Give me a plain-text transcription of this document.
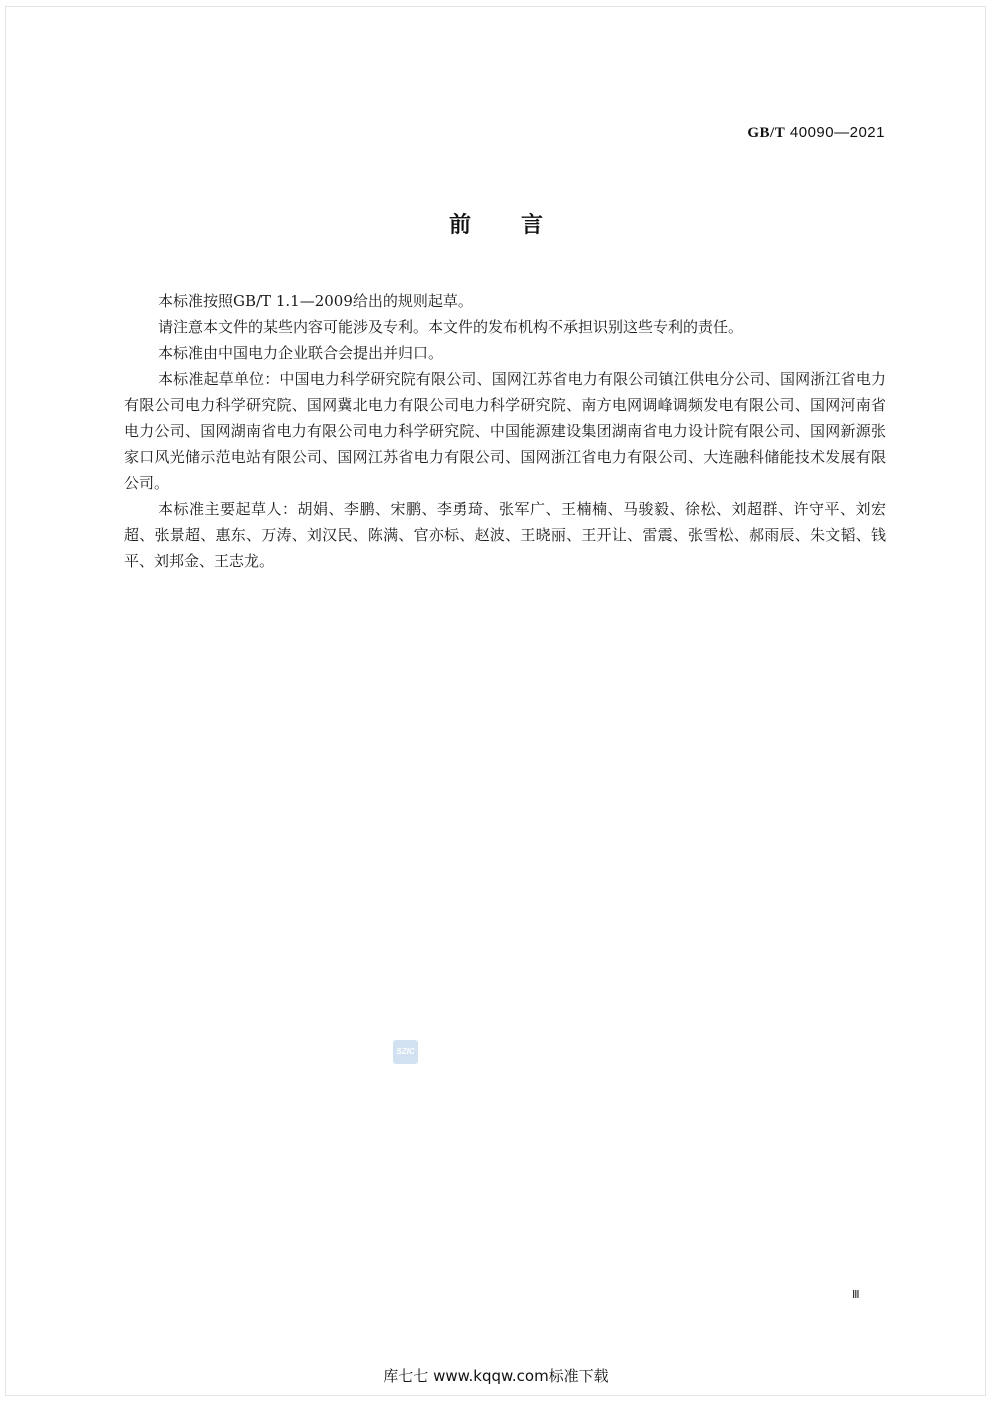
GB/T 40090—2021
前言

本标准按照GB/T 1.1—2009给出的规则起草。

请注意本文件的某些内容可能涉及专利。本文件的发布机构不承担识别这些专利的责任。

本标准由中国电力企业联合会提出并归口。

本标准起草单位：中国电力科学研究院有限公司、国网江苏省电力有限公司镇江供电分公司、国网浙江省电力有限公司电力科学研究院、国网冀北电力有限公司电力科学研究院、南方电网调峰调频发电有限公司、国网河南省电力公司、国网湖南省电力有限公司电力科学研究院、中国能源建设集团湖南省电力设计院有限公司、国网新源张家口风光储示范电站有限公司、国网江苏省电力有限公司、国网浙江省电力有限公司、大连融科储能技术发展有限公司。

本标准主要起草人：胡娟、李鹏、宋鹏、李勇琦、张军广、王楠楠、马骏毅、徐松、刘超群、许守平、刘宏超、张景超、惠东、万涛、刘汉民、陈满、官亦标、赵波、王晓丽、王开让、雷震、张雪松、郝雨辰、朱文韬、钱平、刘邦金、王志龙。

SZIC
Ⅲ
库七七 www.kqqw.com标准下载
